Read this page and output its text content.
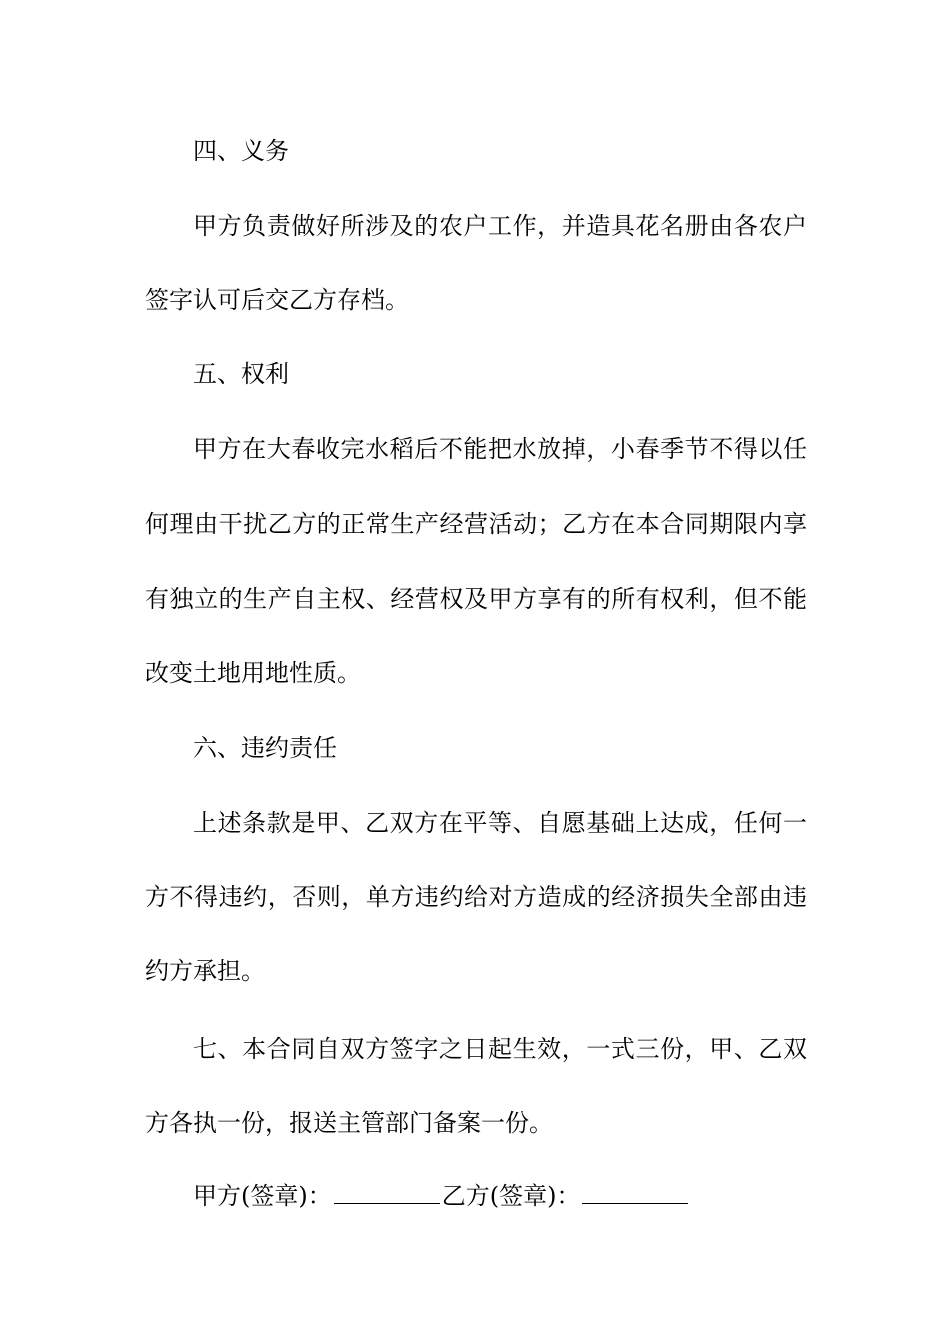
四、义务
甲方负责做好所涉及的农户工作，并造具花名册由各农户
签字认可后交乙方存档。
五、权利
甲方在大春收完水稻后不能把水放掉，小春季节不得以任
何理由干扰乙方的正常生产经营活动；乙方在本合同期限内享
有独立的生产自主权、经营权及甲方享有的所有权利，但不能
改变土地用地性质。
六、违约责任
上述条款是甲、乙双方在平等、自愿基础上达成，任何一
方不得违约，否则，单方违约给对方造成的经济损失全部由违
约方承担。
七、本合同自双方签字之日起生效，一式三份，甲、乙双
方各执一份，报送主管部门备案一份。
甲方(签章)：	乙方(签章)：
